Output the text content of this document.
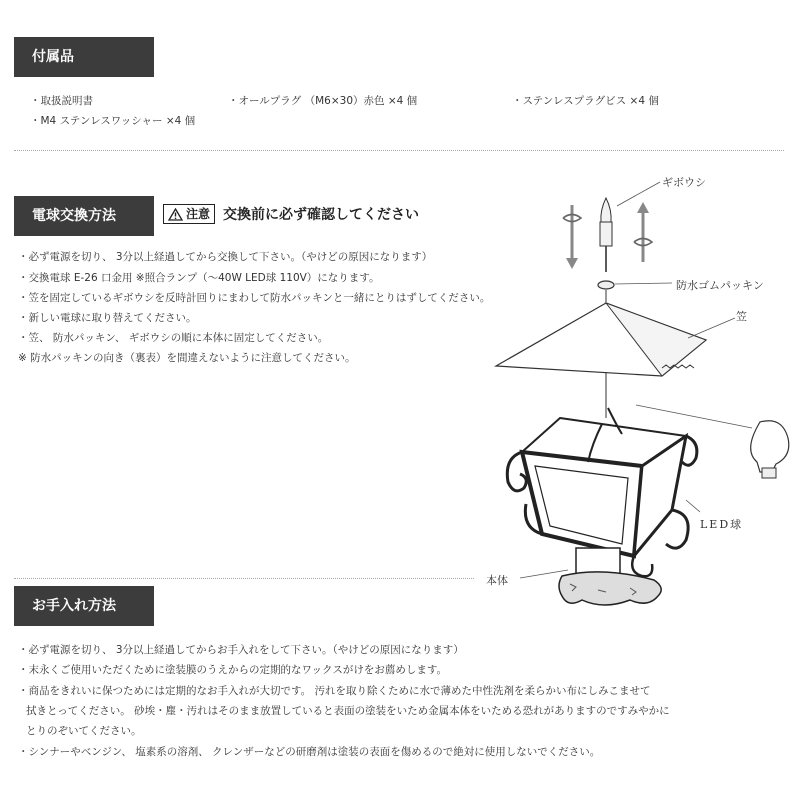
付属品
・取扱説明書	・オールプラグ （M6×30）赤色 ×4 個	・ステンレスプラグビス ×4 個
・M4 ステンレスワッシャー ×4 個
電球交換方法	注意 交換前に必ず確認してください
・必ず電源を切り、 3分以上経過してから交換して下さい。（やけどの原因になります）
・交換電球 E-26 口金用 ※照合ランプ（～40W LED球 110V）になります。
・笠を固定しているギボウシを反時計回りにまわして防水パッキンと一緒にとりはずしてください。
・新しい電球に取り替えてください。
・笠、 防水パッキン、 ギボウシの順に本体に固定してください。
※ 防水パッキンの向き（裏表）を間違えないように注意してください。
ギボウシ
防水ゴムパッキン
笠
LED球
本体
お手入れ方法
・必ず電源を切り、 3分以上経過してからお手入れをして下さい。（やけどの原因になります）
・末永くご使用いただくために塗装膜のうえからの定期的なワックスがけをお薦めします。
・商品をきれいに保つためには定期的なお手入れが大切です。 汚れを取り除くために水で薄めた中性洗剤を柔らかい布にしみこませて
拭きとってください。 砂埃・塵・汚れはそのまま放置していると表面の塗装をいため金属本体をいためる恐れがありますのですみやかに
とりのぞいてください。
・シンナーやベンジン、 塩素系の溶剤、 クレンザーなどの研磨剤は塗装の表面を傷めるので絶対に使用しないでください。
